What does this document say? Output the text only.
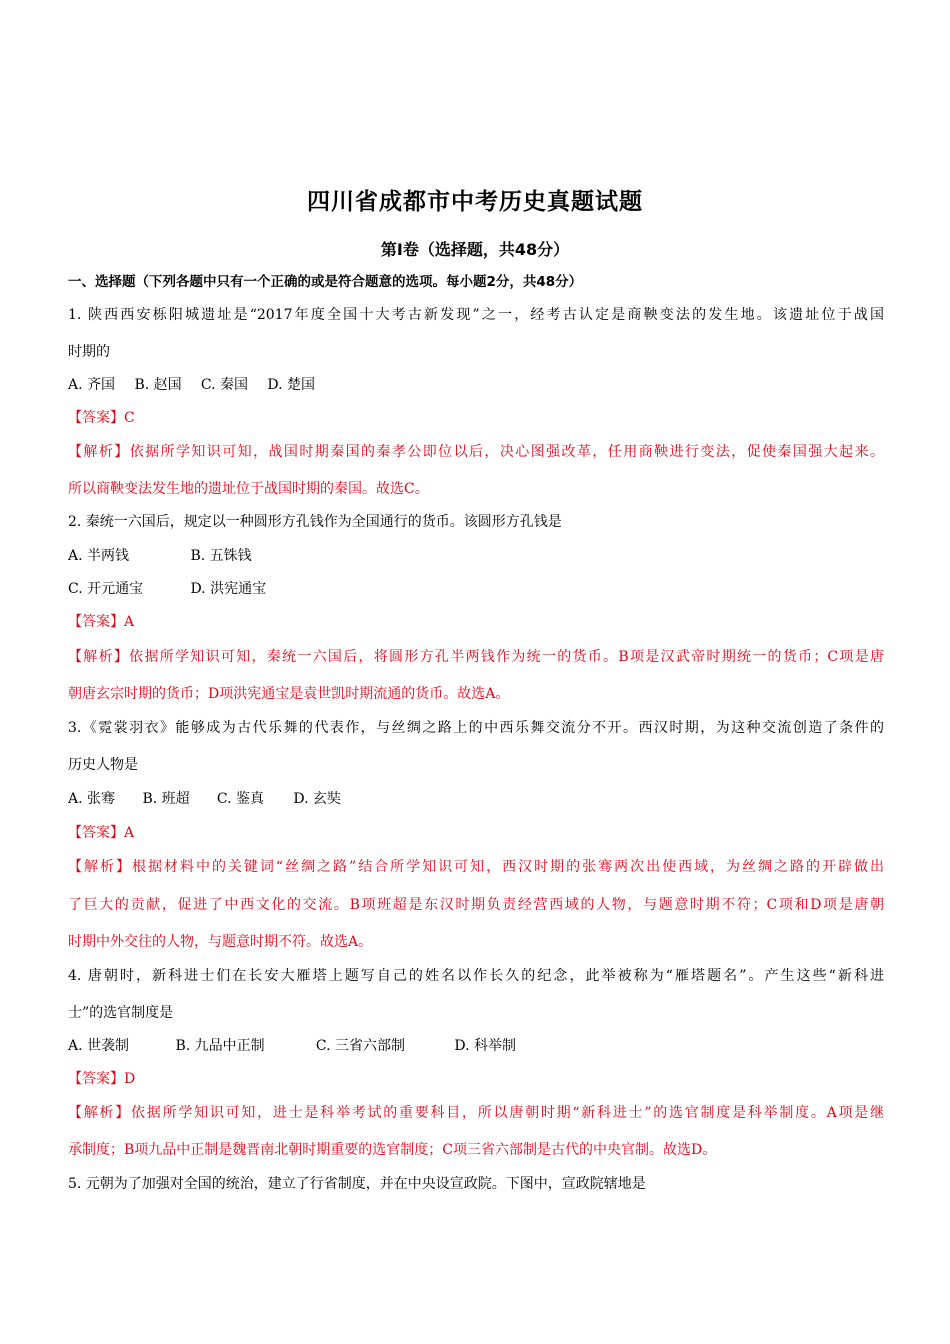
四川省成都市中考历史真题试题
第Ⅰ卷（选择题，共48分）
一、选择题（下列各题中只有一个正确的或是符合题意的选项。每小题2分，共48分）
1. 陕西西安栎阳城遗址是“2017年度全国十大考古新发现”之一，经考古认定是商鞅变法的发生地。该遗址位于战国
时期的
A. 齐国 B. 赵国 C. 秦国 D. 楚国
【答案】C
【解析】依据所学知识可知，战国时期秦国的秦孝公即位以后，决心图强改革，任用商鞅进行变法，促使秦国强大起来。
所以商鞅变法发生地的遗址位于战国时期的秦国。故选C。
2. 秦统一六国后，规定以一种圆形方孔钱作为全国通行的货币。该圆形方孔钱是
A. 半两钱	B. 五铢钱
C. 开元通宝	D. 洪宪通宝
【答案】A
【解析】依据所学知识可知，秦统一六国后，将圆形方孔半两钱作为统一的货币。B项是汉武帝时期统一的货币；C项是唐
朝唐玄宗时期的货币；D项洪宪通宝是袁世凯时期流通的货币。故选A。
3.《霓裳羽衣》能够成为古代乐舞的代表作，与丝绸之路上的中西乐舞交流分不开。西汉时期，为这种交流创造了条件的
历史人物是
A. 张骞 B. 班超 C. 鉴真 D. 玄奘
【答案】A
【解析】根据材料中的关键词“丝绸之路”结合所学知识可知，西汉时期的张骞两次出使西域，为丝绸之路的开辟做出
了巨大的贡献，促进了中西文化的交流。B项班超是东汉时期负责经营西域的人物，与题意时期不符；C项和D项是唐朝
时期中外交往的人物，与题意时期不符。故选A。
4. 唐朝时，新科进士们在长安大雁塔上题写自己的姓名以作长久的纪念，此举被称为“雁塔题名”。产生这些“新科进
士”的选官制度是
A. 世袭制	B. 九品中正制	C. 三省六部制	D. 科举制
【答案】D
【解析】依据所学知识可知，进士是科举考试的重要科目，所以唐朝时期“新科进士”的选官制度是科举制度。A项是继
承制度；B项九品中正制是魏晋南北朝时期重要的选官制度；C项三省六部制是古代的中央官制。故选D。
5. 元朝为了加强对全国的统治，建立了行省制度，并在中央设宣政院。下图中，宣政院辖地是
